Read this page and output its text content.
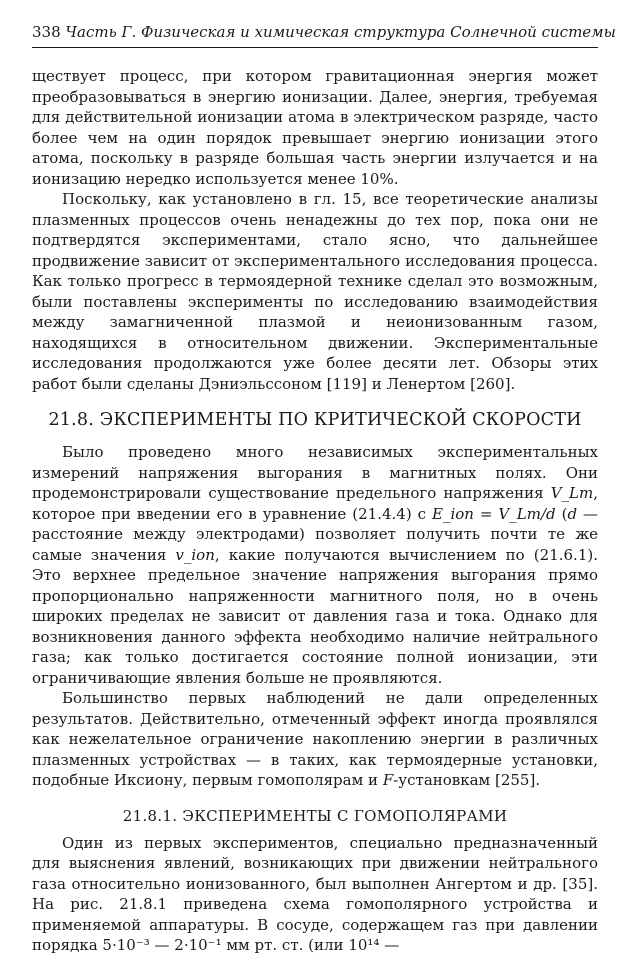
338 Часть Г. Физическая и химическая структура Солнечной системы

ществует процесс, при котором гравитационная энергия может преобразовываться в энергию ионизации. Далее, энергия, требуемая для действительной ионизации атома в электрическом разряде, часто более чем на один порядок превышает энергию ионизации этого атома, поскольку в разряде большая часть энергии излучается и на ионизацию нередко используется менее 10%.

Поскольку, как установлено в гл. 15, все теоретические анализы плазменных процессов очень ненадежны до тех пор, пока они не подтвердятся экспериментами, стало ясно, что дальнейшее продвижение зависит от экспериментального исследования процесса. Как только прогресс в термоядерной технике сделал это возможным, были поставлены эксперименты по исследованию взаимодействия между замагниченной плазмой и неионизованным газом, находящихся в относительном движении. Экспериментальные исследования продолжаются уже более десяти лет. Обзоры этих работ были сделаны Дэниэльссоном [119] и Ленертом [260].

21.8. ЭКСПЕРИМЕНТЫ ПО КРИТИЧЕСКОЙ СКОРОСТИ

Было проведено много независимых экспериментальных измерений напряжения выгорания в магнитных полях. Они продемонстрировали существование предельного напряжения V_Lm, которое при введении его в уравнение (21.4.4) с E_ion = V_Lm/d (d — расстояние между электродами) позволяет получить почти те же самые значения v_ion, какие получаются вычислением по (21.6.1). Это верхнее предельное значение напряжения выгорания прямо пропорционально напряженности магнитного поля, но в очень широких пределах не зависит от давления газа и тока. Однако для возникновения данного эффекта необходимо наличие нейтрального газа; как только достигается состояние полной ионизации, эти ограничивающие явления больше не проявляются.

Большинство первых наблюдений не дали определенных результатов. Действительно, отмеченный эффект иногда проявлялся как нежелательное ограничение накоплению энергии в различных плазменных устройствах — в таких, как термоядерные установки, подобные Иксиону, первым гомополярам и F-установкам [255].

21.8.1. ЭКСПЕРИМЕНТЫ С ГОМОПОЛЯРАМИ

Один из первых экспериментов, специально предназначенный для выяснения явлений, возникающих при движении нейтрального газа относительно ионизованного, был выполнен Ангертом и др. [35]. На рис. 21.8.1 приведена схема гомополярного устройства и применяемой аппаратуры. В сосуде, содержащем газ при давлении порядка 5·10⁻³ — 2·10⁻¹ мм рт. ст. (или 10¹⁴ —
